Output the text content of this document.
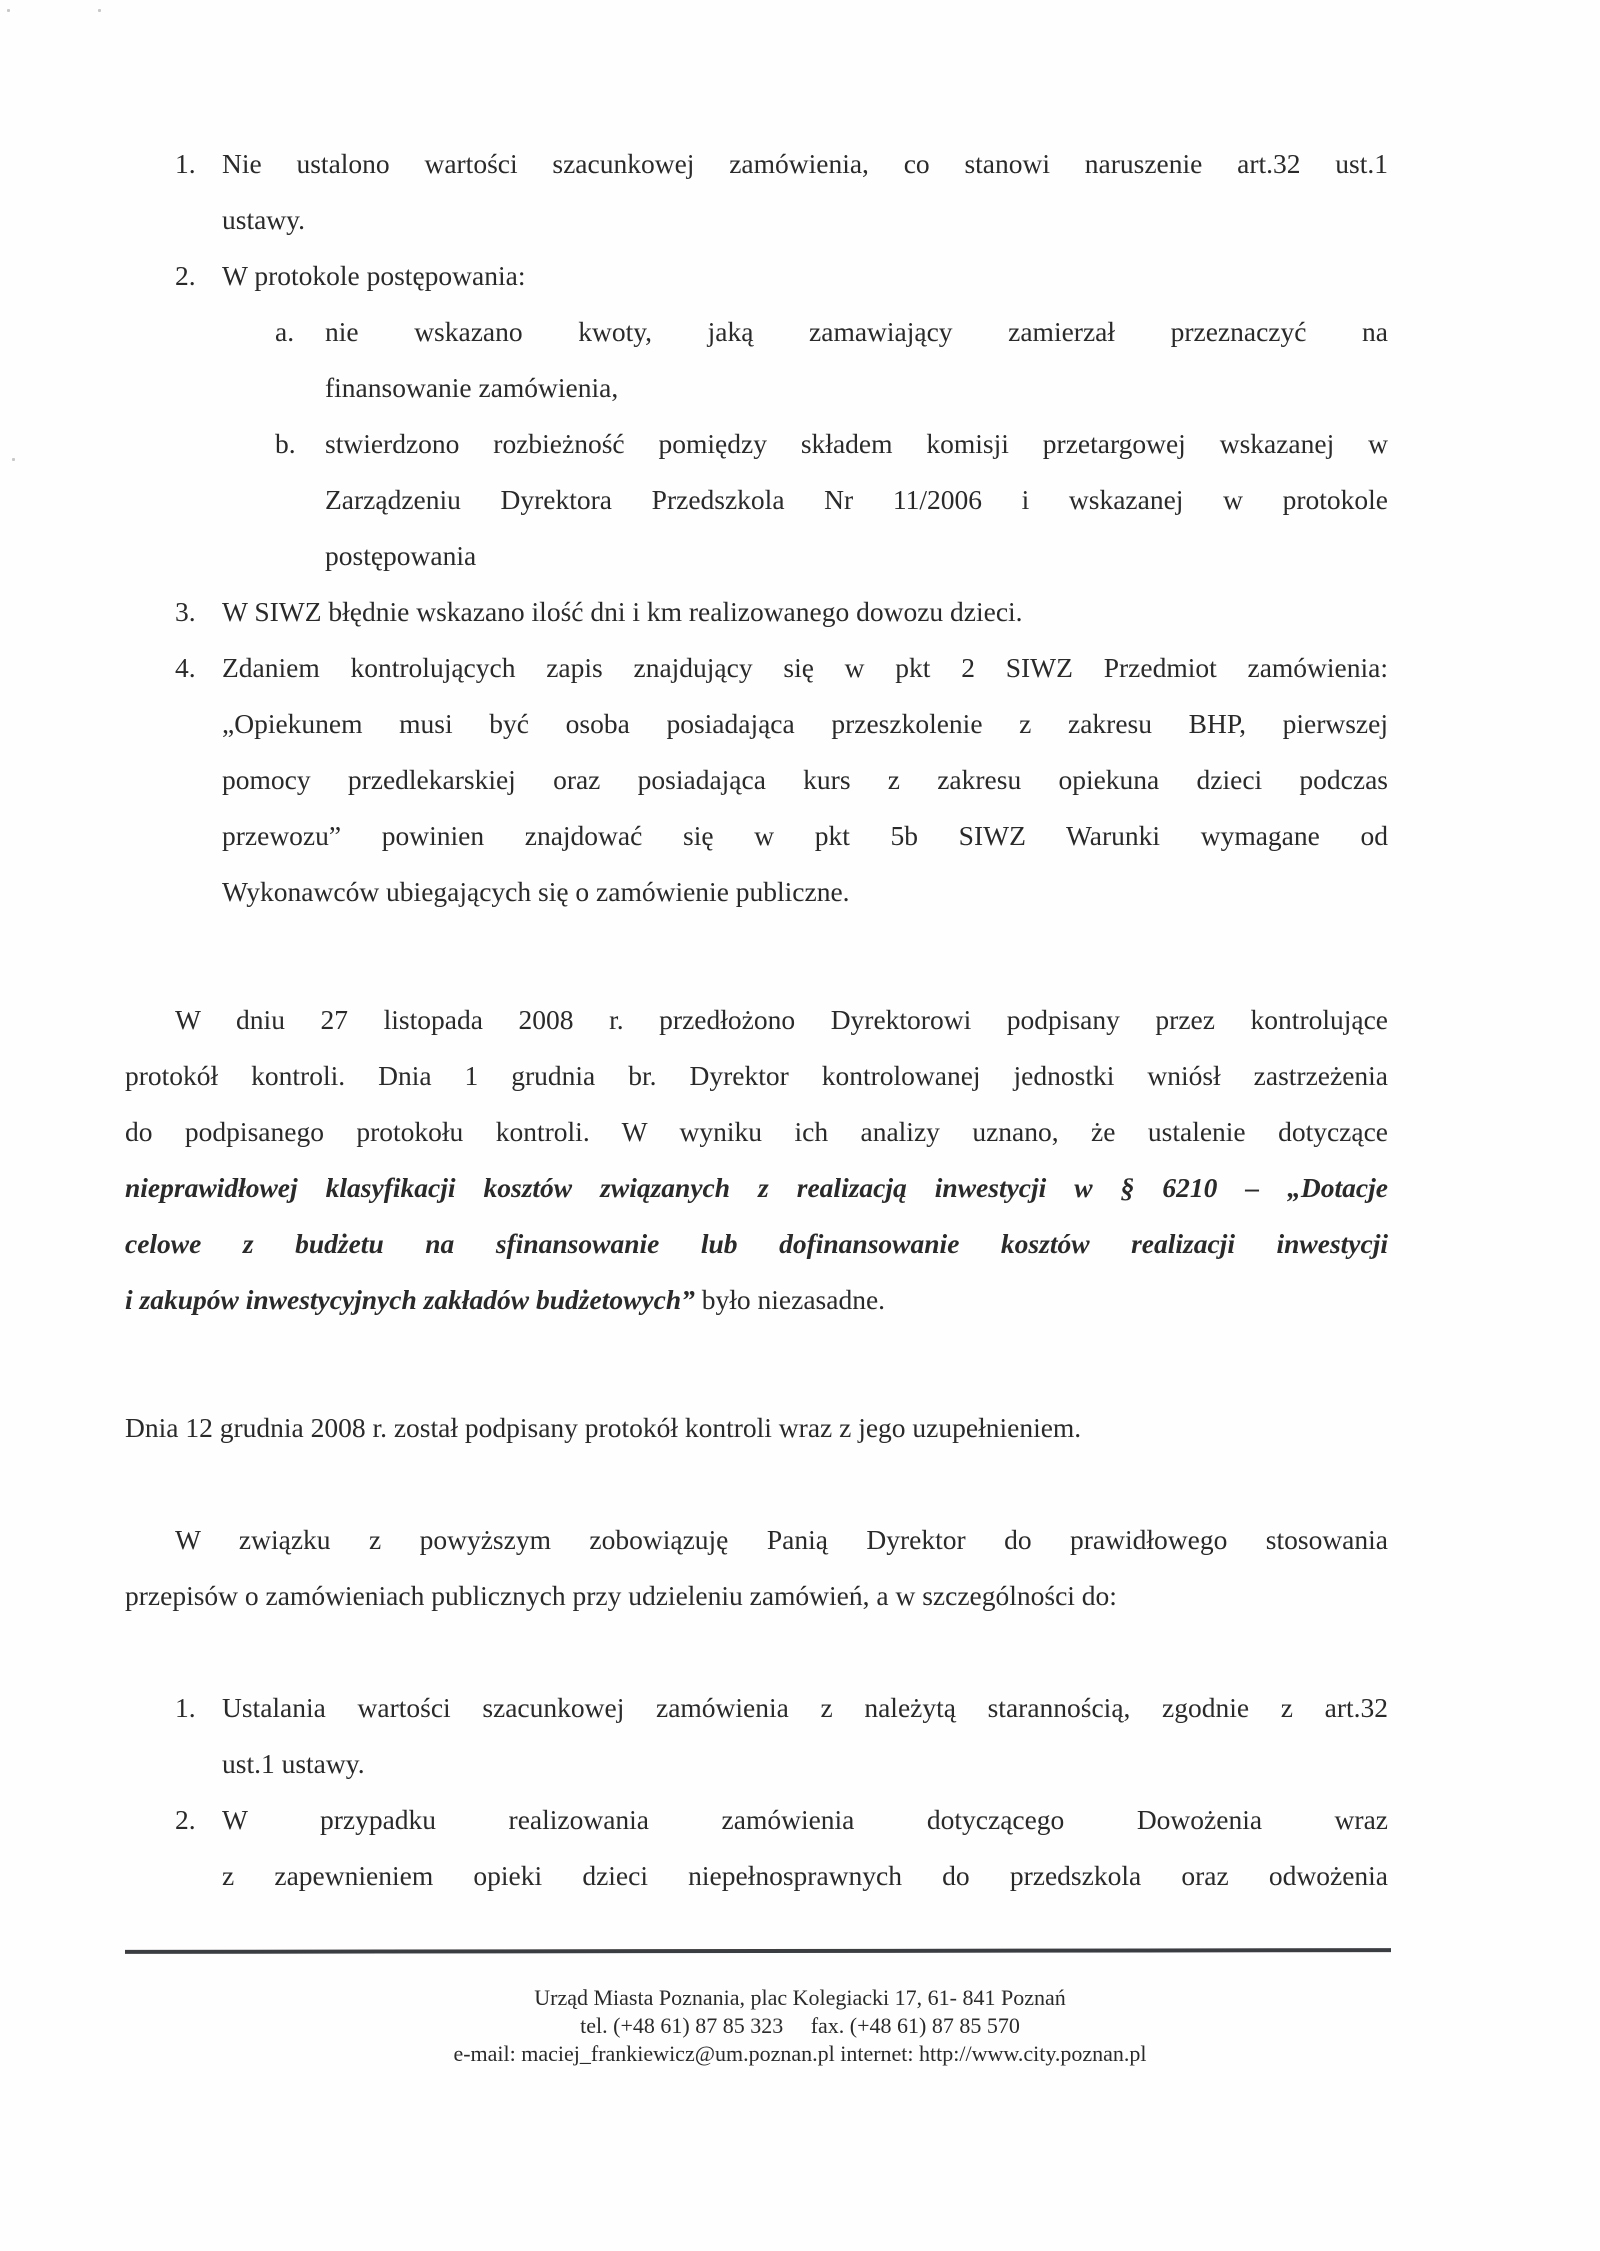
1. Nie ustalono wartości szacunkowej zamówienia, co stanowi naruszenie art.32 ust.1
ustawy.
2. W protokole postępowania:
a. nie wskazano kwoty, jaką zamawiający zamierzał przeznaczyć na
finansowanie zamówienia,
b. stwierdzono rozbieżność pomiędzy składem komisji przetargowej wskazanej w
Zarządzeniu Dyrektora Przedszkola Nr 11/2006 i wskazanej w protokole
postępowania
3. W SIWZ błędnie wskazano ilość dni i km realizowanego dowozu dzieci.
4. Zdaniem kontrolujących zapis znajdujący się w pkt 2 SIWZ Przedmiot zamówienia:
„Opiekunem musi być osoba posiadająca przeszkolenie z zakresu BHP, pierwszej
pomocy przedlekarskiej oraz posiadająca kurs z zakresu opiekuna dzieci podczas
przewozu” powinien znajdować się w pkt 5b SIWZ Warunki wymagane od
Wykonawców ubiegających się o zamówienie publiczne.
W dniu 27 listopada 2008 r. przedłożono Dyrektorowi podpisany przez kontrolujące
protokół kontroli. Dnia 1 grudnia br. Dyrektor kontrolowanej jednostki wniósł zastrzeżenia
do podpisanego protokołu kontroli. W wyniku ich analizy uznano, że ustalenie dotyczące
nieprawidłowej klasyfikacji kosztów związanych z realizacją inwestycji w § 6210 – „Dotacje
celowe z budżetu na sfinansowanie lub dofinansowanie kosztów realizacji inwestycji
i zakupów inwestycyjnych zakładów budżetowych” było niezasadne.
Dnia 12 grudnia 2008 r. został podpisany protokół kontroli wraz z jego uzupełnieniem.
W związku z powyższym zobowiązuję Panią Dyrektor do prawidłowego stosowania
przepisów o zamówieniach publicznych przy udzieleniu zamówień, a w szczególności do:
1. Ustalania wartości szacunkowej zamówienia z należytą starannością, zgodnie z art.32
ust.1 ustawy.
2. W przypadku realizowania zamówienia dotyczącego Dowożenia wraz
z zapewnieniem opieki dzieci niepełnosprawnych do przedszkola oraz odwożenia
Urząd Miasta Poznania, plac Kolegiacki 17, 61- 841 Poznań
tel. (+48 61) 87 85 323     fax. (+48 61) 87 85 570
e-mail: maciej_frankiewicz@um.poznan.pl internet: http://www.city.poznan.pl
